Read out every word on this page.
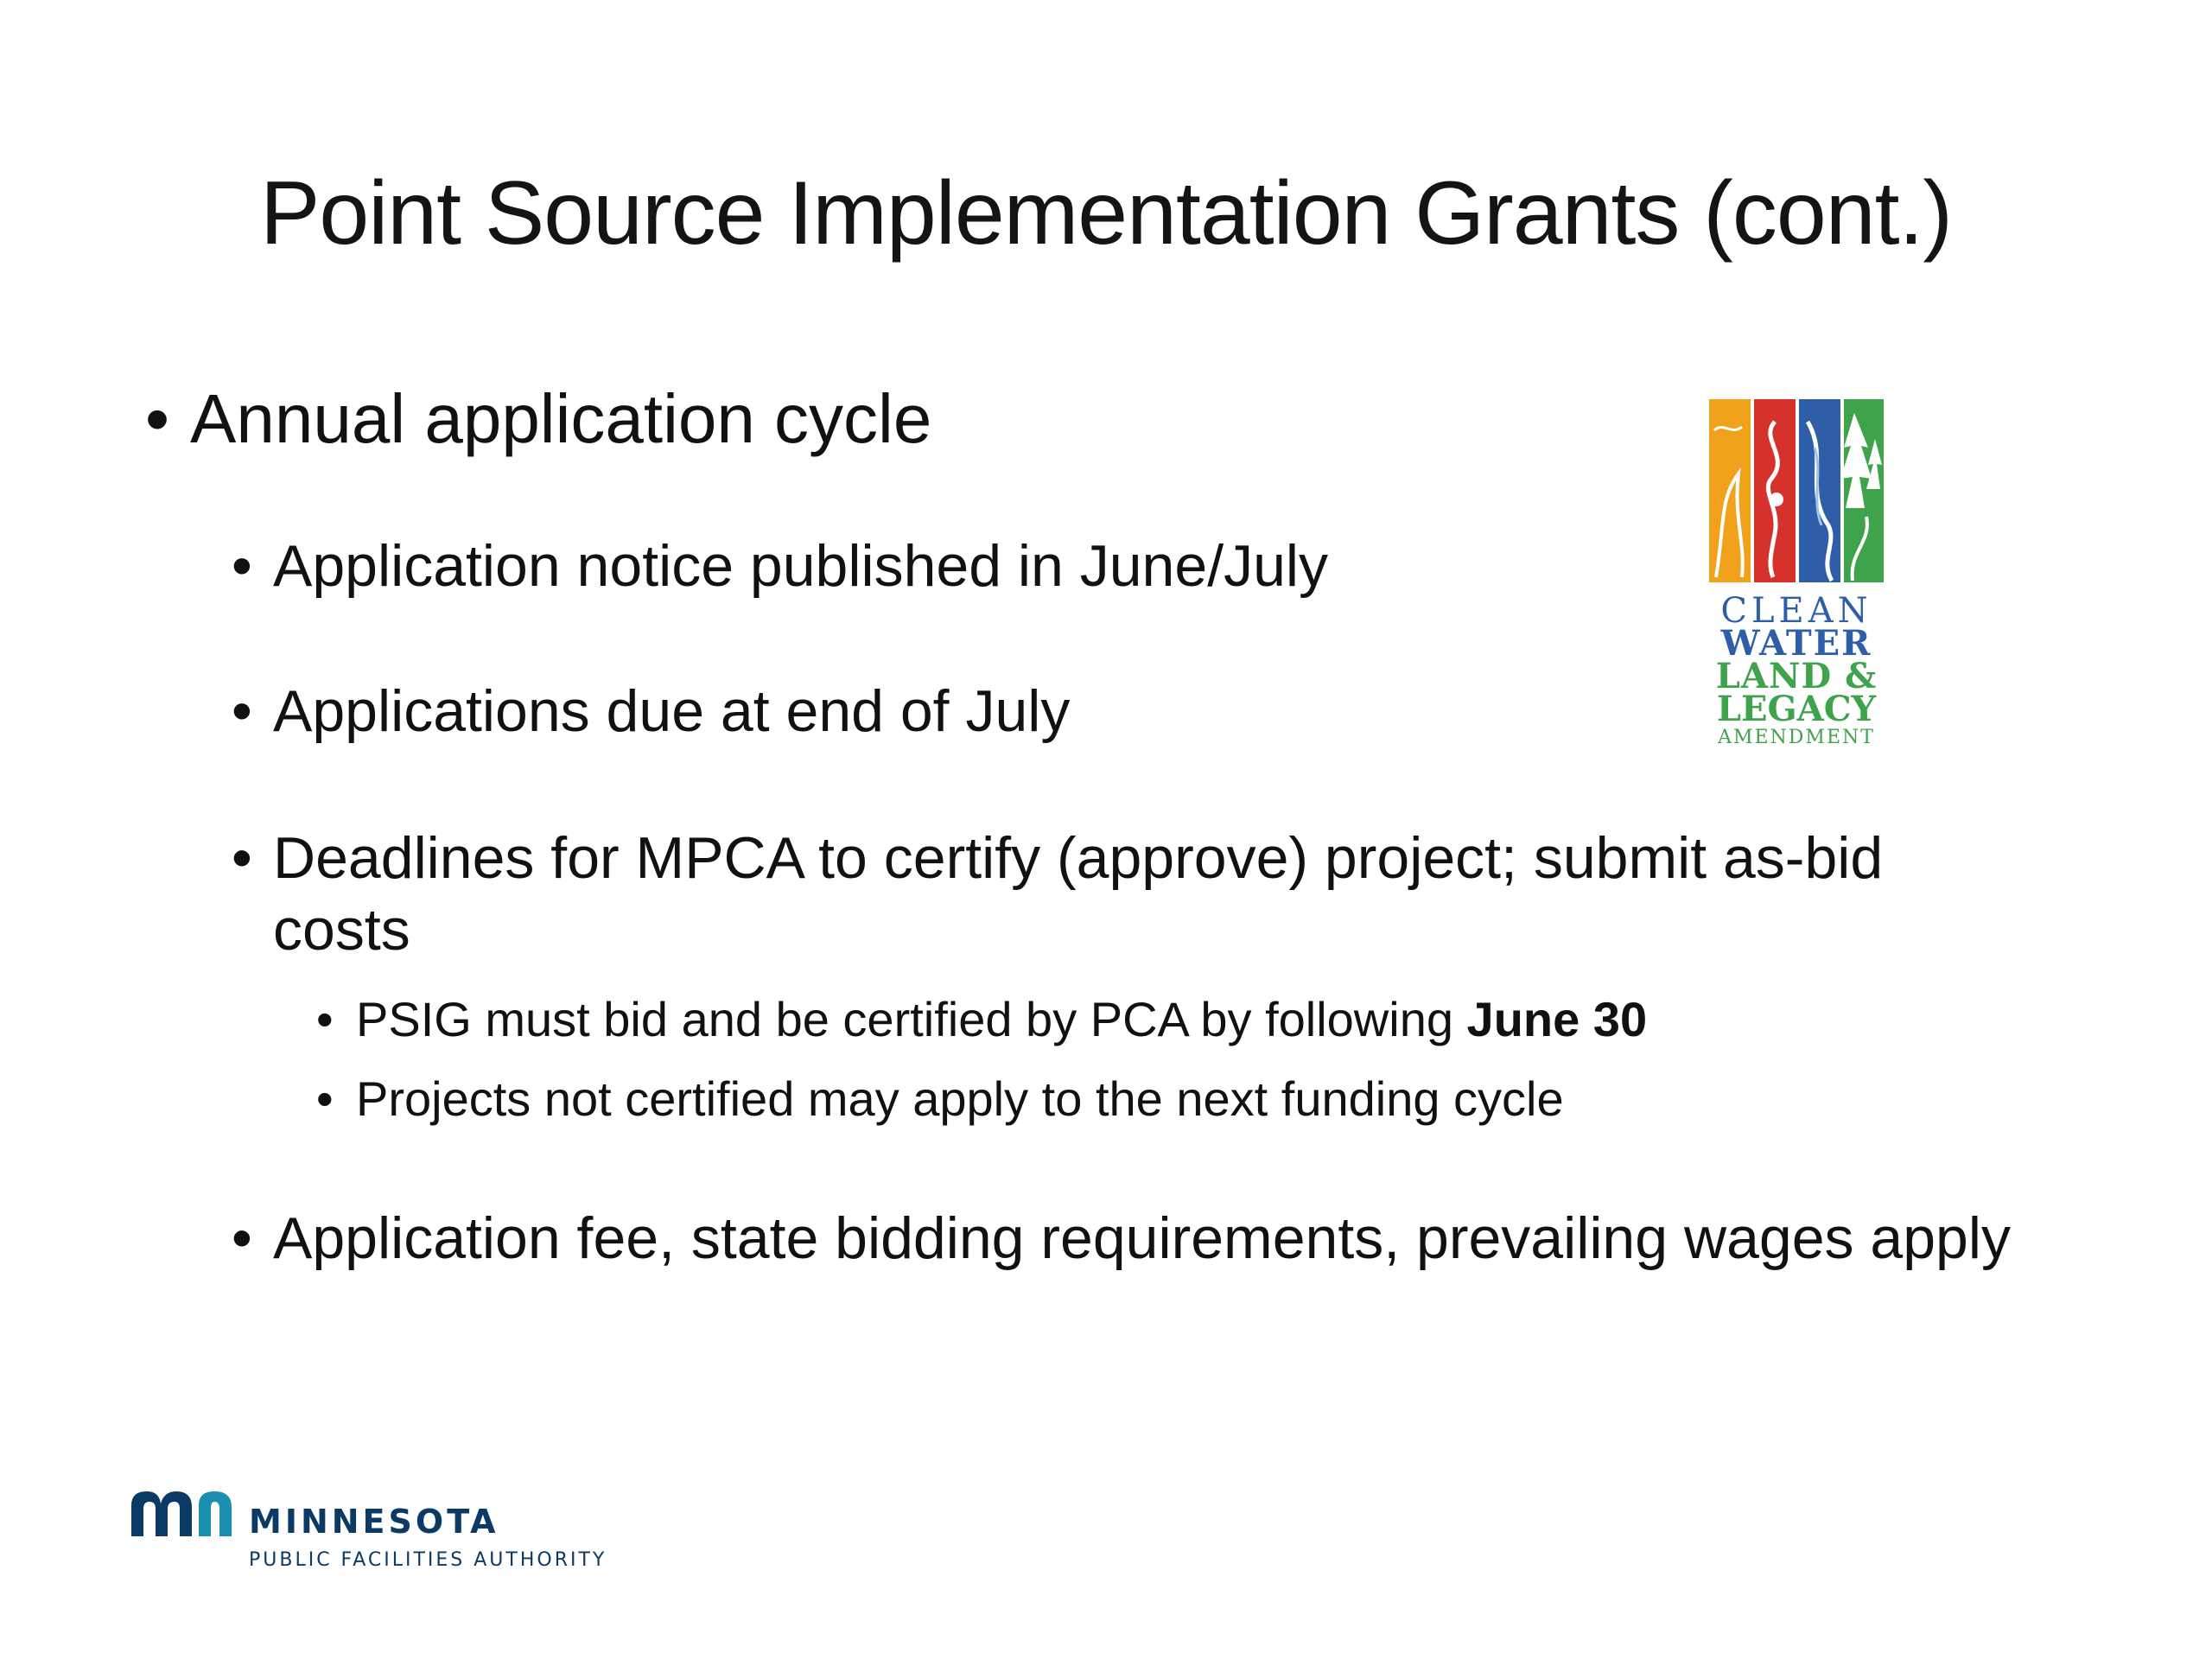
Point Source Implementation Grants (cont.)
• Annual application cycle
• Application notice published in June/July
• Applications due at end of July
• Deadlines for MPCA to certify (approve) project; submit as-bid costs
• PSIG must bid and be certified by PCA by following June 30
• Projects not certified may apply to the next funding cycle
• Application fee, state bidding requirements, prevailing wages apply
CLEAN
WATER
LAND &
LEGACY
AMENDMENT
MINNESOTA
PUBLIC FACILITIES AUTHORITY
